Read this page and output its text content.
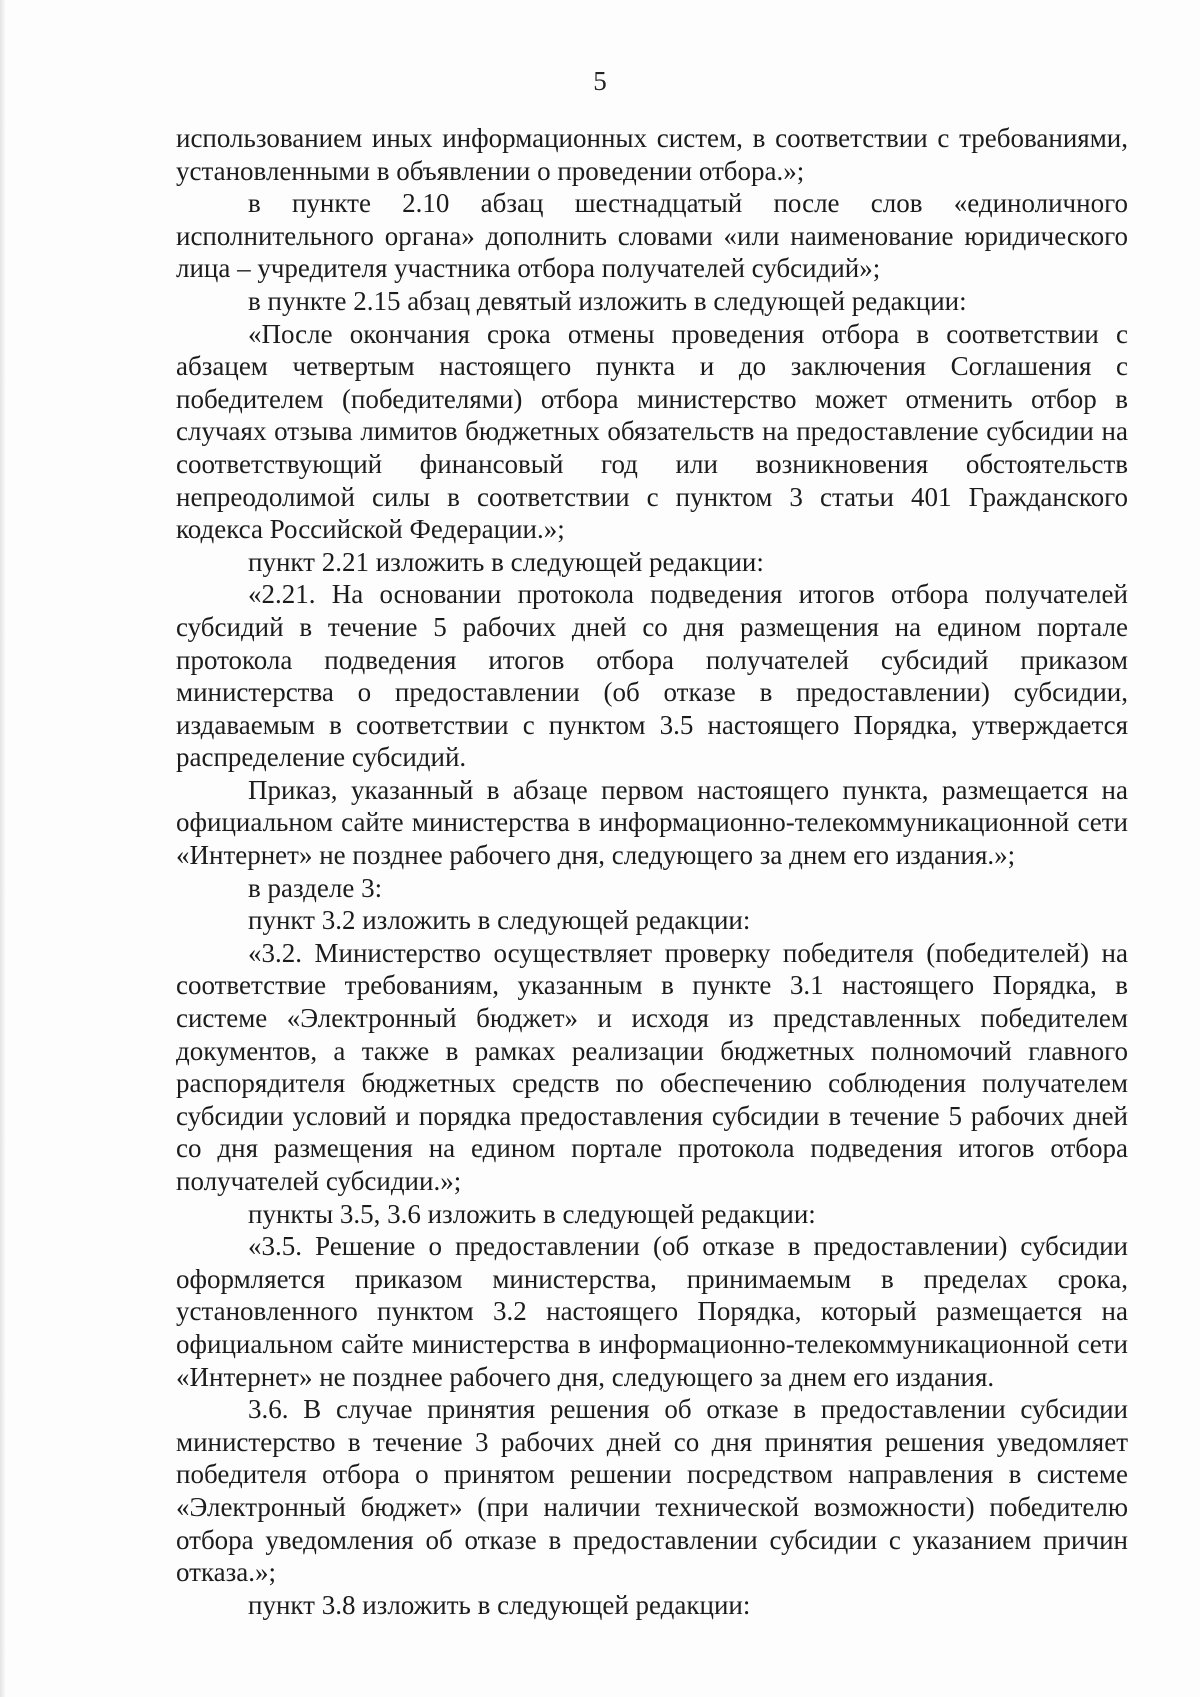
5

использованием иных информационных систем, в соответствии с требованиями, установленными в объявлении о проведении отбора.»;

в пункте 2.10 абзац шестнадцатый после слов «единоличного исполнительного органа» дополнить словами «или наименование юридического лица – учредителя участника отбора получателей субсидий»;

в пункте 2.15 абзац девятый изложить в следующей редакции:

«После окончания срока отмены проведения отбора в соответствии с абзацем четвертым настоящего пункта и до заключения Соглашения с победителем (победителями) отбора министерство может отменить отбор в случаях отзыва лимитов бюджетных обязательств на предоставление субсидии на соответствующий финансовый год или возникновения обстоятельств непреодолимой силы в соответствии с пунктом 3 статьи 401 Гражданского кодекса Российской Федерации.»;

пункт 2.21 изложить в следующей редакции:

«2.21. На основании протокола подведения итогов отбора получателей субсидий в течение 5 рабочих дней со дня размещения на едином портале протокола подведения итогов отбора получателей субсидий приказом министерства о предоставлении (об отказе в предоставлении) субсидии, издаваемым в соответствии с пунктом 3.5 настоящего Порядка, утверждается распределение субсидий.

Приказ, указанный в абзаце первом настоящего пункта, размещается на официальном сайте министерства в информационно-телекоммуникационной сети «Интернет» не позднее рабочего дня, следующего за днем его издания.»;

в разделе 3:

пункт 3.2 изложить в следующей редакции:

«3.2. Министерство осуществляет проверку победителя (победителей) на соответствие требованиям, указанным в пункте 3.1 настоящего Порядка, в системе «Электронный бюджет» и исходя из представленных победителем документов, а также в рамках реализации бюджетных полномочий главного распорядителя бюджетных средств по обеспечению соблюдения получателем субсидии условий и порядка предоставления субсидии в течение 5 рабочих дней со дня размещения на едином портале протокола подведения итогов отбора получателей субсидии.»;

пункты 3.5, 3.6 изложить в следующей редакции:

«3.5. Решение о предоставлении (об отказе в предоставлении) субсидии оформляется приказом министерства, принимаемым в пределах срока, установленного пунктом 3.2 настоящего Порядка, который размещается на официальном сайте министерства в информационно-телекоммуникационной сети «Интернет» не позднее рабочего дня, следующего за днем его издания.

3.6. В случае принятия решения об отказе в предоставлении субсидии министерство в течение 3 рабочих дней со дня принятия решения уведомляет победителя отбора о принятом решении посредством направления в системе «Электронный бюджет» (при наличии технической возможности) победителю отбора уведомления об отказе в предоставлении субсидии с указанием причин отказа.»;

пункт 3.8 изложить в следующей редакции:
